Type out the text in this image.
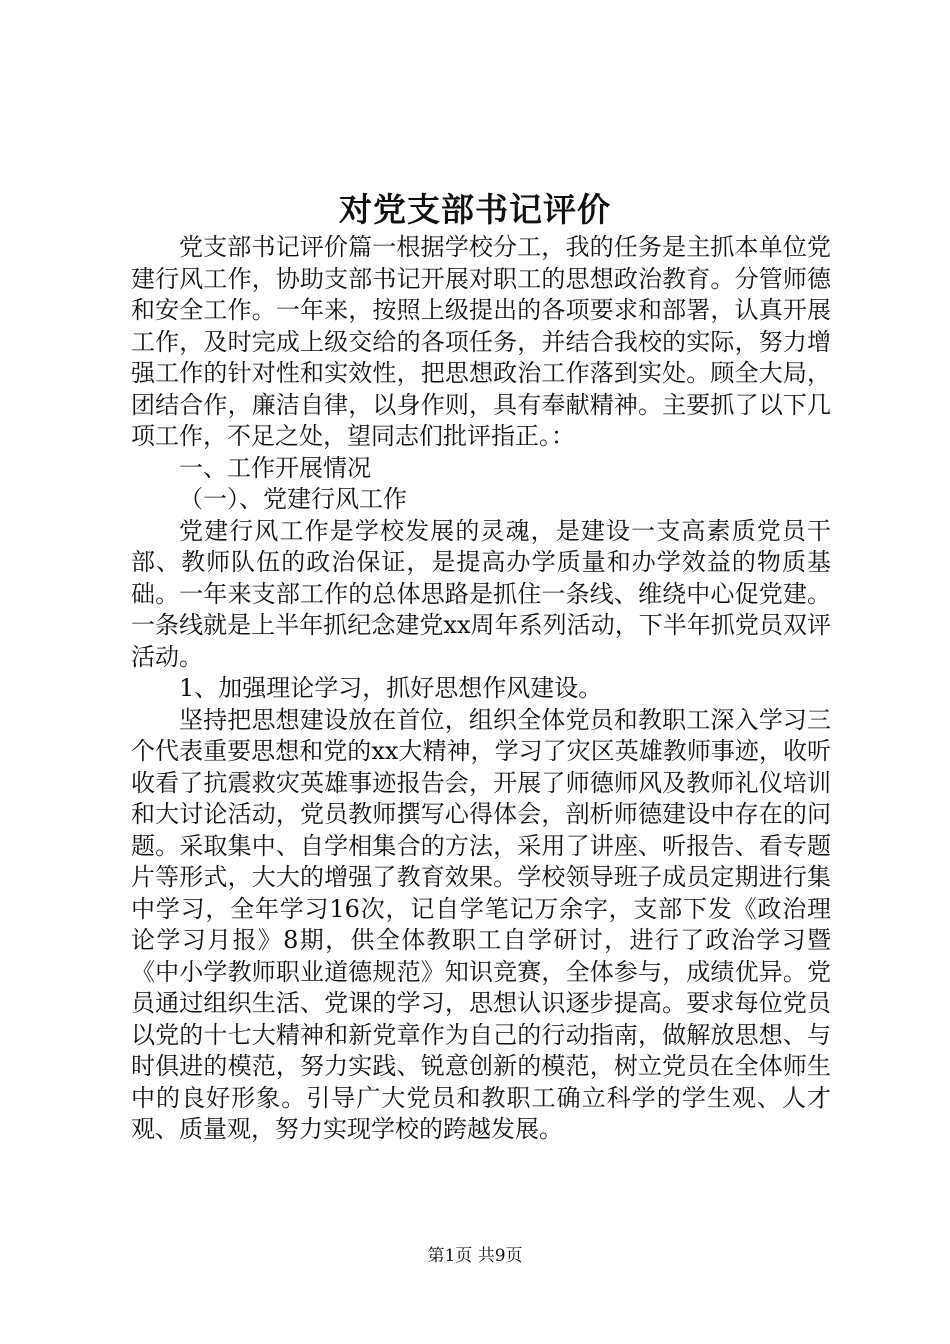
对党支部书记评价

党支部书记评价篇一根据学校分工，我的任务是主抓本单位党建行风工作，协助支部书记开展对职工的思想政治教育。分管师德和安全工作。一年来，按照上级提出的各项要求和部署，认真开展工作，及时完成上级交给的各项任务，并结合我校的实际，努力增强工作的针对性和实效性，把思想政治工作落到实处。顾全大局，团结合作，廉洁自律，以身作则，具有奉献精神。主要抓了以下几项工作，不足之处，望同志们批评指正。：

一、工作开展情况

（一）、党建行风工作

党建行风工作是学校发展的灵魂，是建设一支高素质党员干部、教师队伍的政治保证，是提高办学质量和办学效益的物质基础。一年来支部工作的总体思路是抓住一条线、维绕中心促党建。一条线就是上半年抓纪念建党xx周年系列活动，下半年抓党员双评活动。

1、加强理论学习，抓好思想作风建设。

坚持把思想建设放在首位，组织全体党员和教职工深入学习三个代表重要思想和党的xx大精神，学习了灾区英雄教师事迹，收听收看了抗震救灾英雄事迹报告会，开展了师德师风及教师礼仪培训和大讨论活动，党员教师撰写心得体会，剖析师德建设中存在的问题。采取集中、自学相集合的方法，采用了讲座、听报告、看专题片等形式，大大的增强了教育效果。学校领导班子成员定期进行集中学习，全年学习16次，记自学笔记万余字，支部下发《政治理论学习月报》8期，供全体教职工自学研讨，进行了政治学习暨《中小学教师职业道德规范》知识竞赛，全体参与，成绩优异。党员通过组织生活、党课的学习，思想认识逐步提高。要求每位党员以党的十七大精神和新党章作为自己的行动指南，做解放思想、与时俱进的模范，努力实践、锐意创新的模范，树立党员在全体师生中的良好形象。引导广大党员和教职工确立科学的学生观、人才观、质量观，努力实现学校的跨越发展。

第1页 共9页
